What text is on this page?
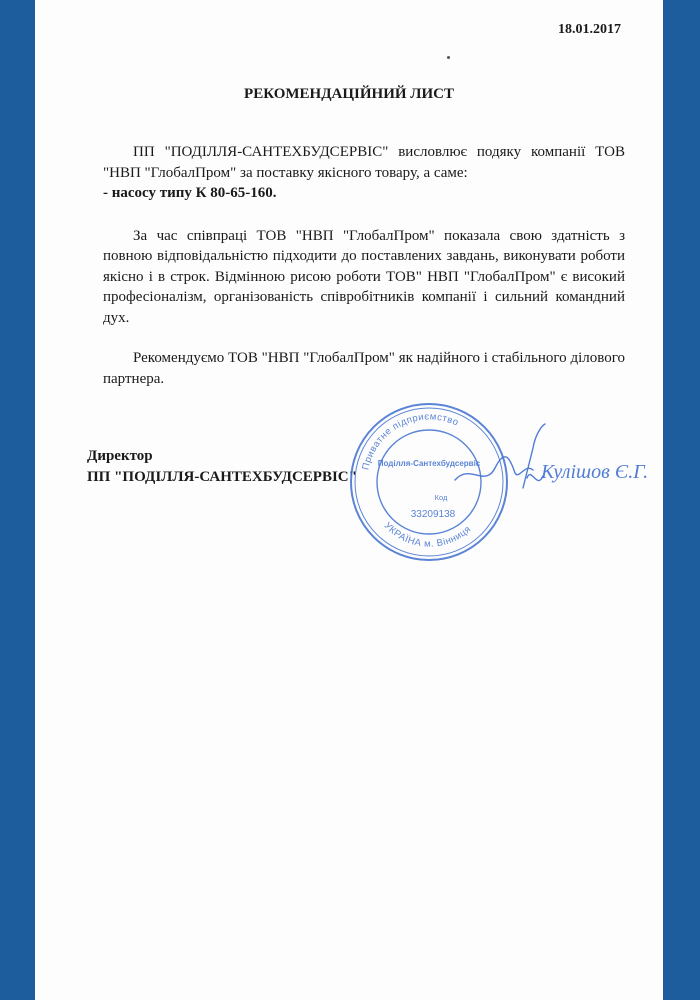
18.01.2017
РЕКОМЕНДАЦІЙНИЙ ЛИСТ

ПП "ПОДІЛЛЯ-САНТЕХБУДСЕРВІС" висловлює подяку компанії ТОВ "НВП "ГлобалПром" за поставку якісного товару, а саме:

- насосу типу К 80-65-160.

За час співпраці ТОВ "НВП "ГлобалПром" показала свою здатність з повною відповідальністю підходити до поставлених завдань, виконувати роботи якісно і в строк. Відмінною рисою роботи ТОВ" НВП "ГлобалПром" є високий професіоналізм, організованість співробітників компанії і сильний командний дух.

Рекомендуємо ТОВ "НВП "ГлобалПром" як надійного і стабільного ділового партнера.

Директор
ПП "ПОДІЛЛЯ-САНТЕХБУДСЕРВІС"
Приватне підприємство
УКРАЇНА м. Вінниця
Поділля-Сантехбудсервіс
Код
33209138
Кулішов Є.Г.
